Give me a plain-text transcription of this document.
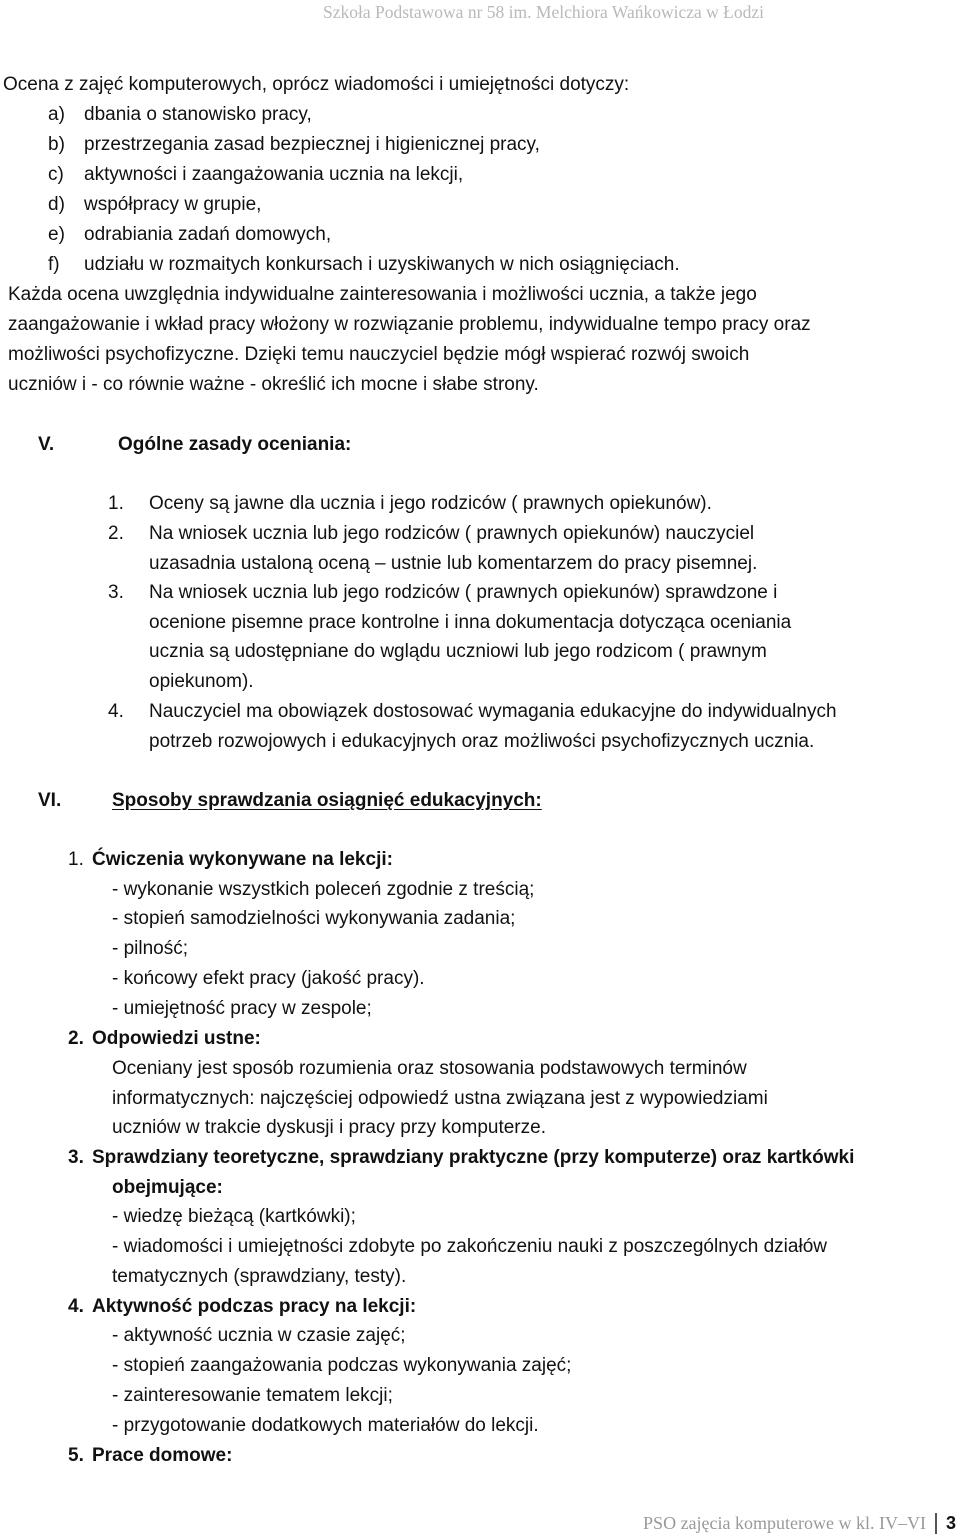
Szkoła Podstawowa nr 58 im. Melchiora Wańkowicza w Łodzi
Ocena z zajęć komputerowych, oprócz wiadomości i umiejętności dotyczy:
a) dbania o stanowisko pracy,
b) przestrzegania zasad bezpiecznej i higienicznej pracy,
c) aktywności i zaangażowania ucznia na lekcji,
d) współpracy w grupie,
e) odrabiania zadań domowych,
f) udziału w rozmaitych konkursach i uzyskiwanych w nich osiągnięciach.
Każda ocena uwzględnia indywidualne zainteresowania i możliwości ucznia, a także jego
zaangażowanie i wkład pracy włożony w rozwiązanie problemu, indywidualne tempo pracy oraz
możliwości psychofizyczne. Dzięki temu nauczyciel będzie mógł wspierać rozwój swoich
uczniów i - co równie ważne - określić ich mocne i słabe strony.
V.	Ogólne zasady oceniania:
1. Oceny są jawne dla ucznia i jego rodziców ( prawnych opiekunów).
2. Na wniosek ucznia lub jego rodziców ( prawnych opiekunów) nauczyciel
uzasadnia ustaloną oceną – ustnie lub komentarzem do pracy pisemnej.
3. Na wniosek ucznia lub jego rodziców ( prawnych opiekunów) sprawdzone i
ocenione pisemne prace kontrolne i inna dokumentacja dotycząca oceniania
ucznia są udostępniane do wglądu uczniowi lub jego rodzicom ( prawnym
opiekunom).
4. Nauczyciel ma obowiązek dostosować wymagania edukacyjne do indywidualnych
potrzeb rozwojowych i edukacyjnych oraz możliwości psychofizycznych ucznia.
VI.	Sposoby sprawdzania osiągnięć edukacyjnych:
1. Ćwiczenia wykonywane na lekcji:
- wykonanie wszystkich poleceń zgodnie z treścią;
- stopień samodzielności wykonywania zadania;
- pilność;
- końcowy efekt pracy (jakość pracy).
- umiejętność pracy w zespole;
2. Odpowiedzi ustne:
Oceniany jest sposób rozumienia oraz stosowania podstawowych terminów
informatycznych: najczęściej odpowiedź ustna związana jest z wypowiedziami
uczniów w trakcie dyskusji i pracy przy komputerze.
3. Sprawdziany teoretyczne, sprawdziany praktyczne (przy komputerze) oraz kartkówki
obejmujące:
- wiedzę bieżącą (kartkówki);
- wiadomości i umiejętności zdobyte po zakończeniu nauki z poszczególnych działów
tematycznych (sprawdziany, testy).
4. Aktywność podczas pracy na lekcji:
- aktywność ucznia w czasie zajęć;
- stopień zaangażowania podczas wykonywania zajęć;
- zainteresowanie tematem lekcji;
- przygotowanie dodatkowych materiałów do lekcji.
5. Prace domowe:
PSO zajęcia komputerowe w kl. IV–VI 3
